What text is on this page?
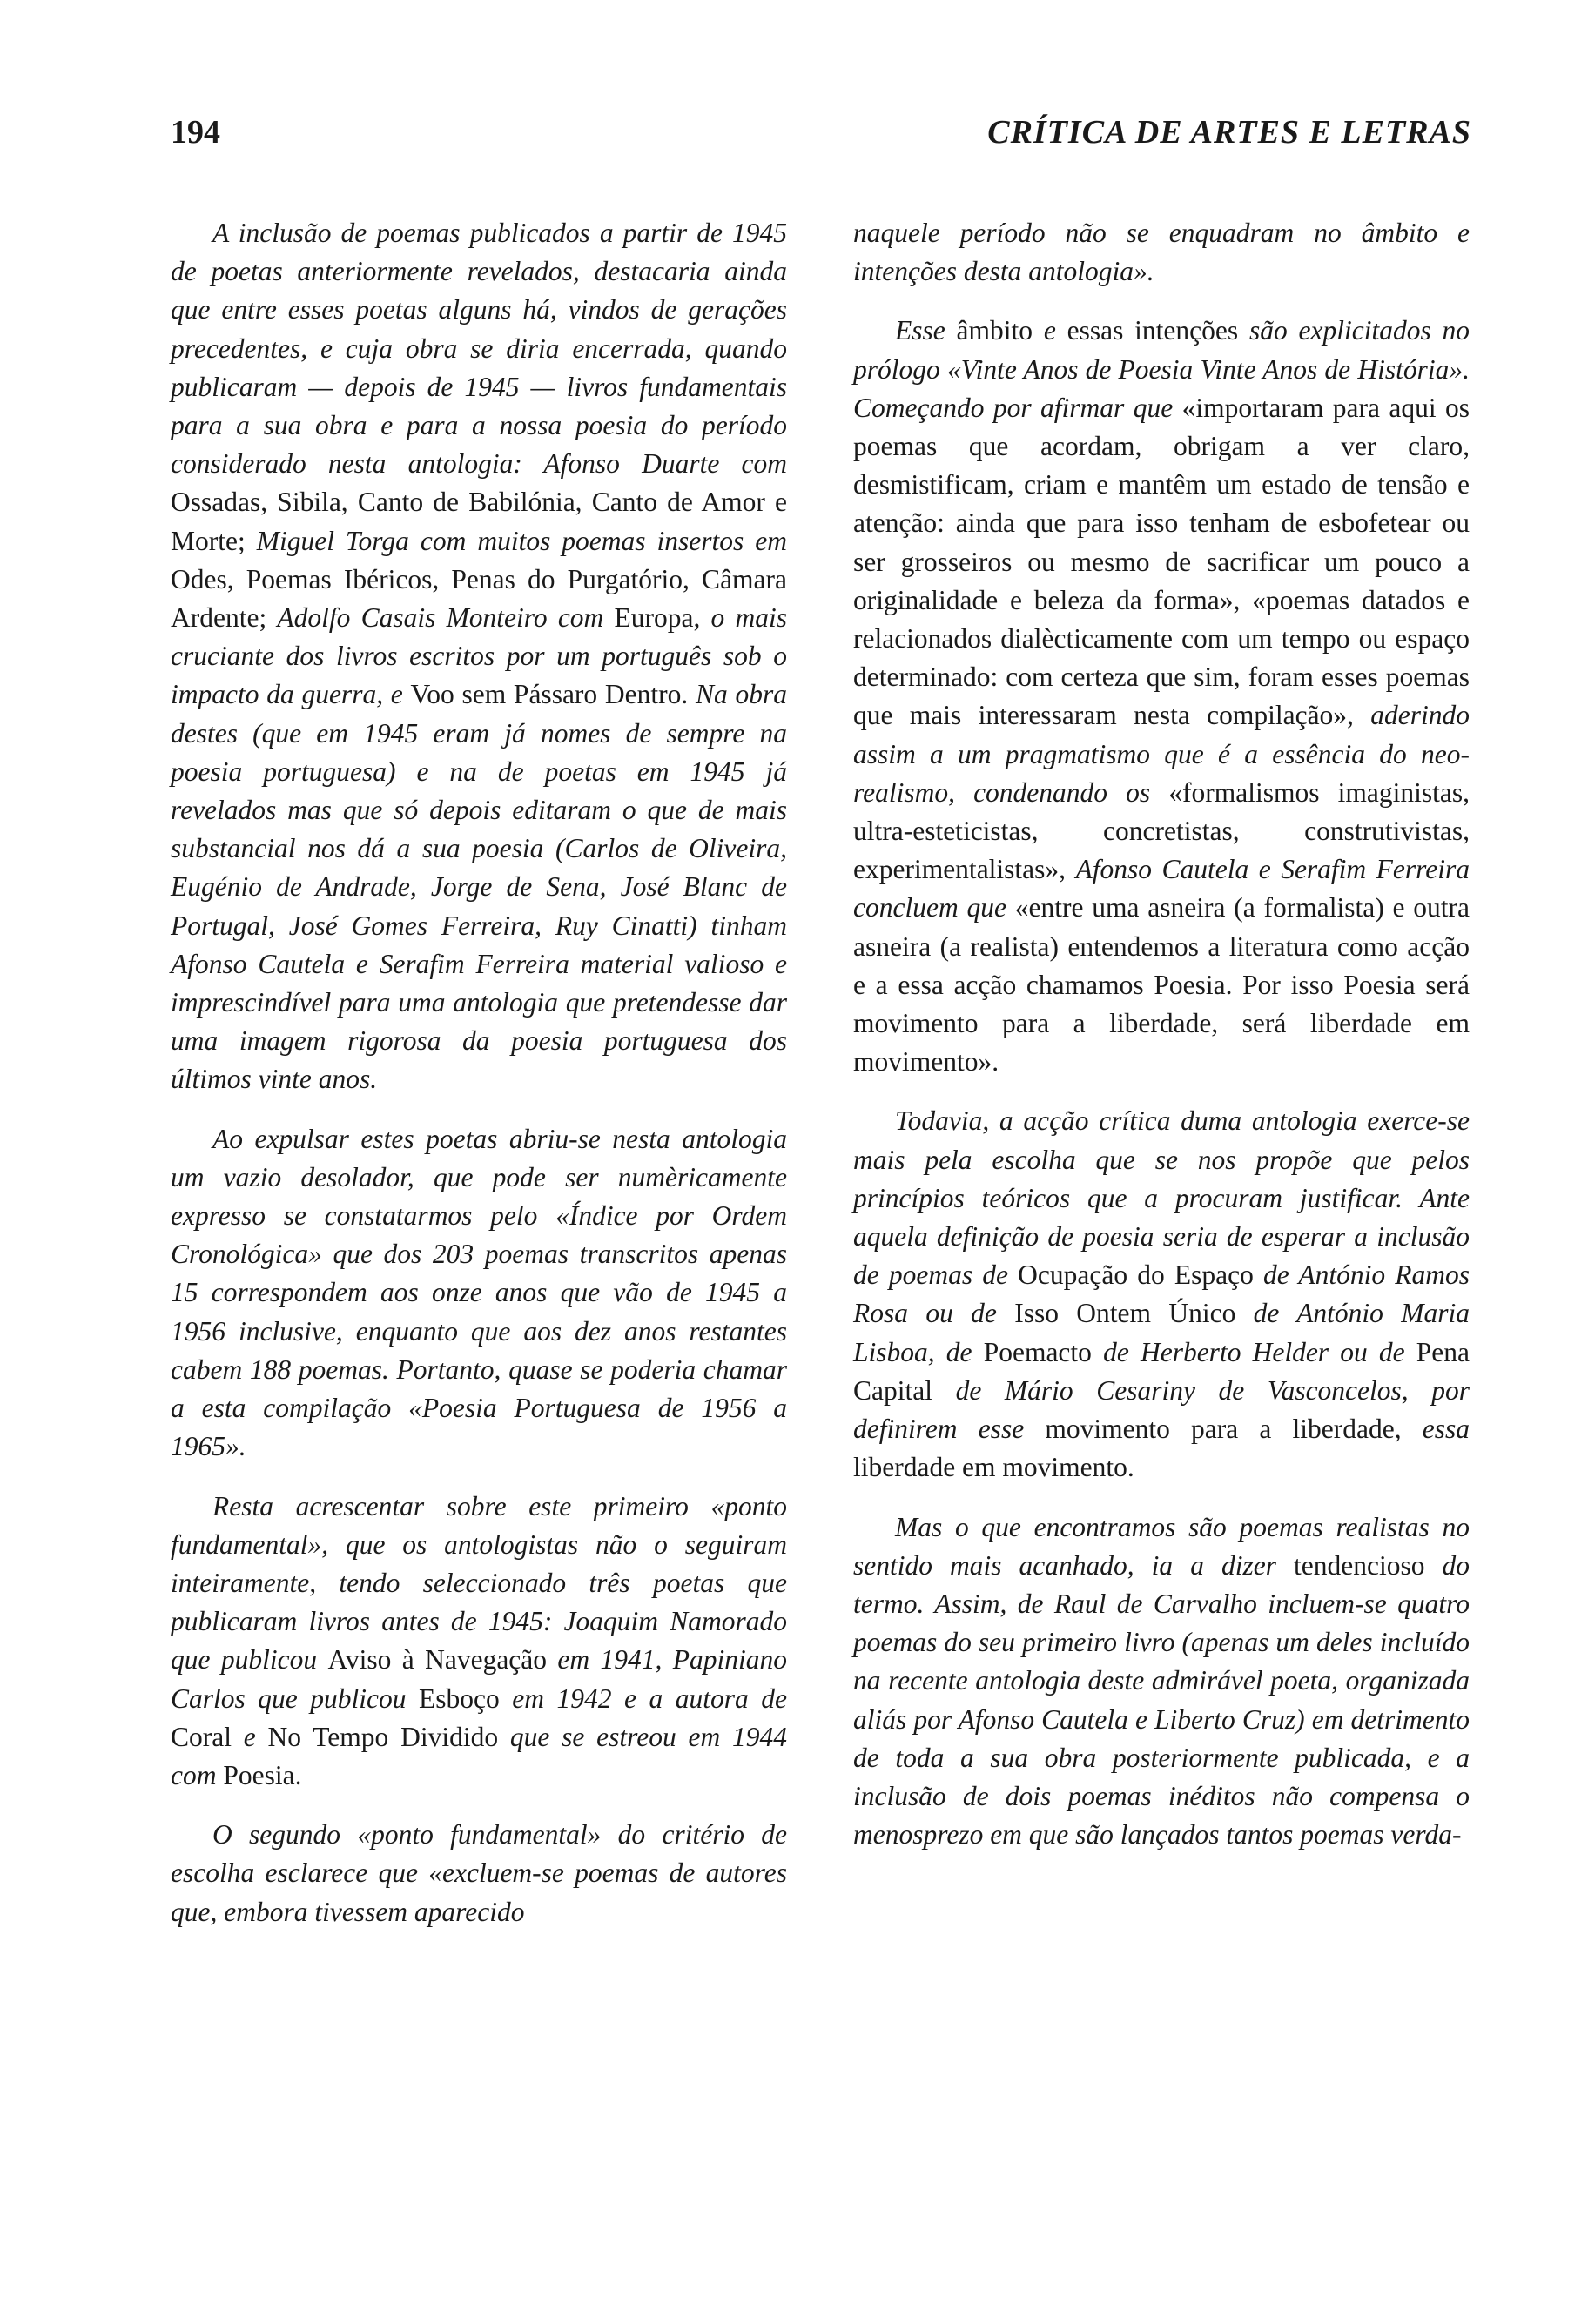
194	CRÍTICA DE ARTES E LETRAS

A inclusão de poemas publicados a partir de 1945 de poetas anteriormente revelados, destacaria ainda que entre esses poetas alguns há, vindos de gerações precedentes, e cuja obra se diria encerrada, quando publicaram — depois de 1945 — livros fundamentais para a sua obra e para a nossa poesia do período considerado nesta antologia: Afonso Duarte com Ossadas, Sibila, Canto de Babilónia, Canto de Amor e Morte; Miguel Torga com muitos poemas insertos em Odes, Poemas Ibéricos, Penas do Purgatório, Câmara Ardente; Adolfo Casais Monteiro com Europa, o mais cruciante dos livros escritos por um português sob o impacto da guerra, e Voo sem Pássaro Dentro. Na obra destes (que em 1945 eram já nomes de sempre na poesia portuguesa) e na de poetas em 1945 já revelados mas que só depois editaram o que de mais substancial nos dá a sua poesia (Carlos de Oliveira, Eugénio de Andrade, Jorge de Sena, José Blanc de Portugal, José Gomes Ferreira, Ruy Cinatti) tinham Afonso Cautela e Serafim Ferreira material valioso e imprescindível para uma antologia que pretendesse dar uma imagem rigorosa da poesia portuguesa dos últimos vinte anos.

Ao expulsar estes poetas abriu-se nesta antologia um vazio desolador, que pode ser numèricamente expresso se constatarmos pelo «Índice por Ordem Cronológica» que dos 203 poemas transcritos apenas 15 correspondem aos onze anos que vão de 1945 a 1956 inclusive, enquanto que aos dez anos restantes cabem 188 poemas. Portanto, quase se poderia chamar a esta compilação «Poesia Portuguesa de 1956 a 1965».

Resta acrescentar sobre este primeiro «ponto fundamental», que os antologistas não o seguiram inteiramente, tendo seleccionado três poetas que publicaram livros antes de 1945: Joaquim Namorado que publicou Aviso à Navegação em 1941, Papiniano Carlos que publicou Esboço em 1942 e a autora de Coral e No Tempo Dividido que se estreou em 1944 com Poesia.

O segundo «ponto fundamental» do critério de escolha esclarece que «excluem-se poemas de autores que, embora tivessem aparecido

naquele período não se enquadram no âmbito e intenções desta antologia».

Esse âmbito e essas intenções são explicitados no prólogo «Vinte Anos de Poesia Vinte Anos de História». Começando por afirmar que «importaram para aqui os poemas que acordam, obrigam a ver claro, desmistificam, criam e mantêm um estado de tensão e atenção: ainda que para isso tenham de esbofetear ou ser grosseiros ou mesmo de sacrificar um pouco a originalidade e beleza da forma», «poemas datados e relacionados dialècticamente com um tempo ou espaço determinado: com certeza que sim, foram esses poemas que mais interessaram nesta compilação», aderindo assim a um pragmatismo que é a essência do neo-realismo, condenando os «formalismos imaginistas, ultra-esteticistas, concretistas, construtivistas, experimentalistas», Afonso Cautela e Serafim Ferreira concluem que «entre uma asneira (a formalista) e outra asneira (a realista) entendemos a literatura como acção e a essa acção chamamos Poesia. Por isso Poesia será movimento para a liberdade, será liberdade em movimento».

Todavia, a acção crítica duma antologia exerce-se mais pela escolha que se nos propõe que pelos princípios teóricos que a procuram justificar. Ante aquela definição de poesia seria de esperar a inclusão de poemas de Ocupação do Espaço de António Ramos Rosa ou de Isso Ontem Único de António Maria Lisboa, de Poemacto de Herberto Helder ou de Pena Capital de Mário Cesariny de Vasconcelos, por definirem esse movimento para a liberdade, essa liberdade em movimento.

Mas o que encontramos são poemas realistas no sentido mais acanhado, ia a dizer tendencioso do termo. Assim, de Raul de Carvalho incluem-se quatro poemas do seu primeiro livro (apenas um deles incluído na recente antologia deste admirável poeta, organizada aliás por Afonso Cautela e Liberto Cruz) em detrimento de toda a sua obra posteriormente publicada, e a inclusão de dois poemas inéditos não compensa o menosprezo em que são lançados tantos poemas verda-
